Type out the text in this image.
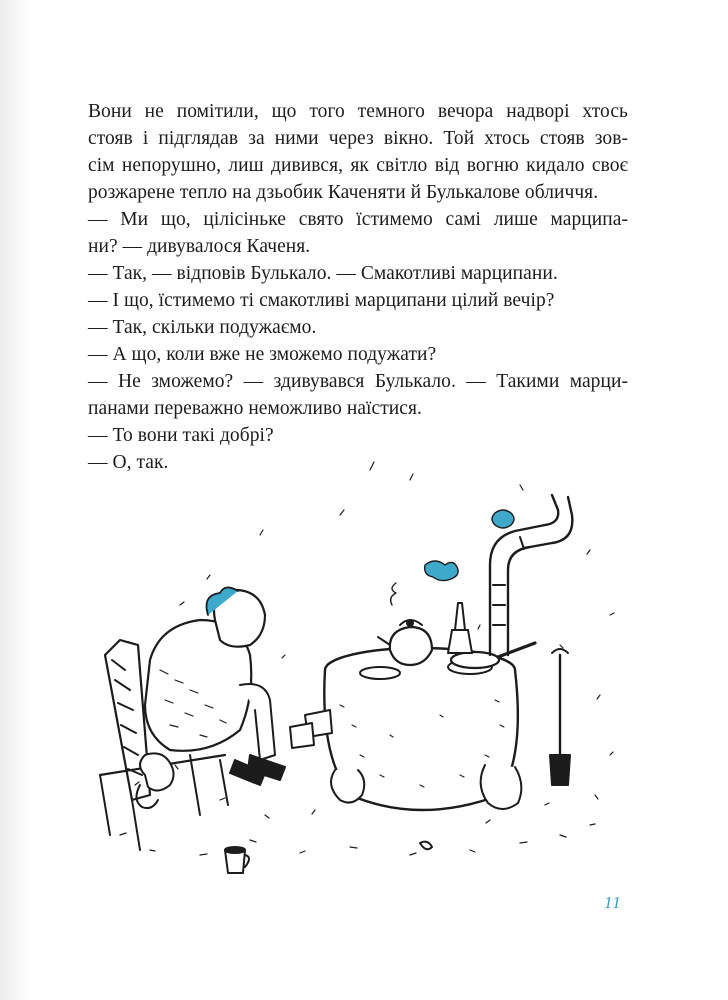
Вони не помітили, що того темного вечора надворі хтось
стояв і підглядав за ними через вікно. Той хтось стояв зов-
сім непорушно, лиш дивився, як світло від вогню кидало своє
розжарене тепло на дзьобик Каченяти й Булькалове обличчя.
— Ми що, цілісіньке свято їстимемо самі лише марципа-
ни? — дивувалося Каченя.
— Так, — відповів Булькало. — Смакотливі марципани.
— І що, їстимемо ті смакотливі марципани цілий вечір?
— Так, скільки подужаємо.
— А що, коли вже не зможемо подужати?
— Не зможемо? — здивувався Булькало. — Такими марци-
панами переважно неможливо наїстися.
— То вони такі добрі?
— О, так.
11
